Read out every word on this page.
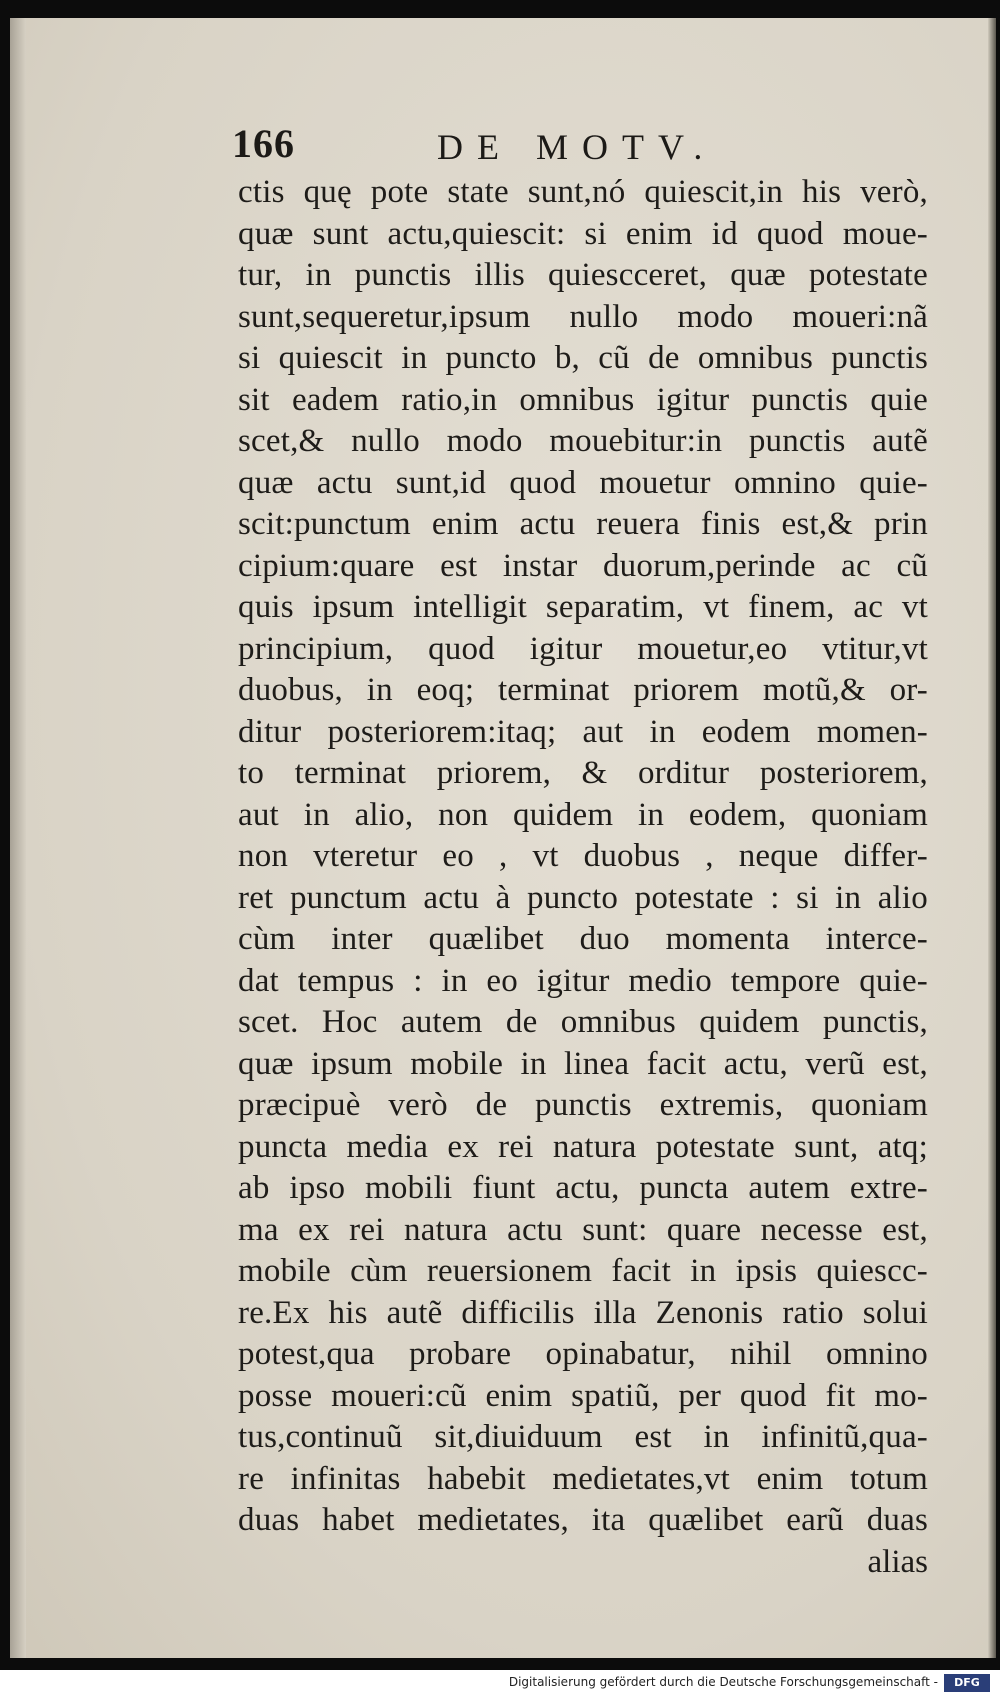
166	DE MOTV.
ctis quę pote state sunt,nó quiescit,in his verò,
quæ sunt actu,quiescit: si enim id quod moue-
tur, in punctis illis quiescceret, quæ potestate
sunt,sequeretur,ipsum nullo modo moueri:nã
si quiescit in puncto b, cũ de omnibus punctis
sit eadem ratio,in omnibus igitur punctis quie
scet,& nullo modo mouebitur:in punctis autẽ
quæ actu sunt,id quod mouetur omnino quie-
scit:punctum enim actu reuera finis est,& prin
cipium:quare est instar duorum,perinde ac cũ
quis ipsum intelligit separatim, vt finem, ac vt
principium, quod igitur mouetur,eo vtitur,vt
duobus, in eoq; terminat priorem motũ,& or-
ditur posteriorem:itaq; aut in eodem momen-
to terminat priorem, & orditur posteriorem,
aut in alio, non quidem in eodem, quoniam
non vteretur eo , vt duobus , neque differ-
ret punctum actu à puncto potestate : si in alio
cùm inter quælibet duo momenta interce-
dat tempus : in eo igitur medio tempore quie-
scet. Hoc autem de omnibus quidem punctis,
quæ ipsum mobile in linea facit actu, verũ est,
præcipuè verò de punctis extremis, quoniam
puncta media ex rei natura potestate sunt, atq;
ab ipso mobili fiunt actu, puncta autem extre-
ma ex rei natura actu sunt: quare necesse est,
mobile cùm reuersionem facit in ipsis quiescc-
re.Ex his autẽ difficilis illa Zenonis ratio solui
potest,qua probare opinabatur, nihil omnino
posse moueri:cũ enim spatiũ, per quod fit mo-
tus,continuũ sit,diuiduum est in infinitũ,qua-
re infinitas habebit medietates,vt enim totum
duas habet medietates, ita quælibet earũ duas
alias
Digitalisierung gefördert durch die Deutsche Forschungsgemeinschaft -	DFG
